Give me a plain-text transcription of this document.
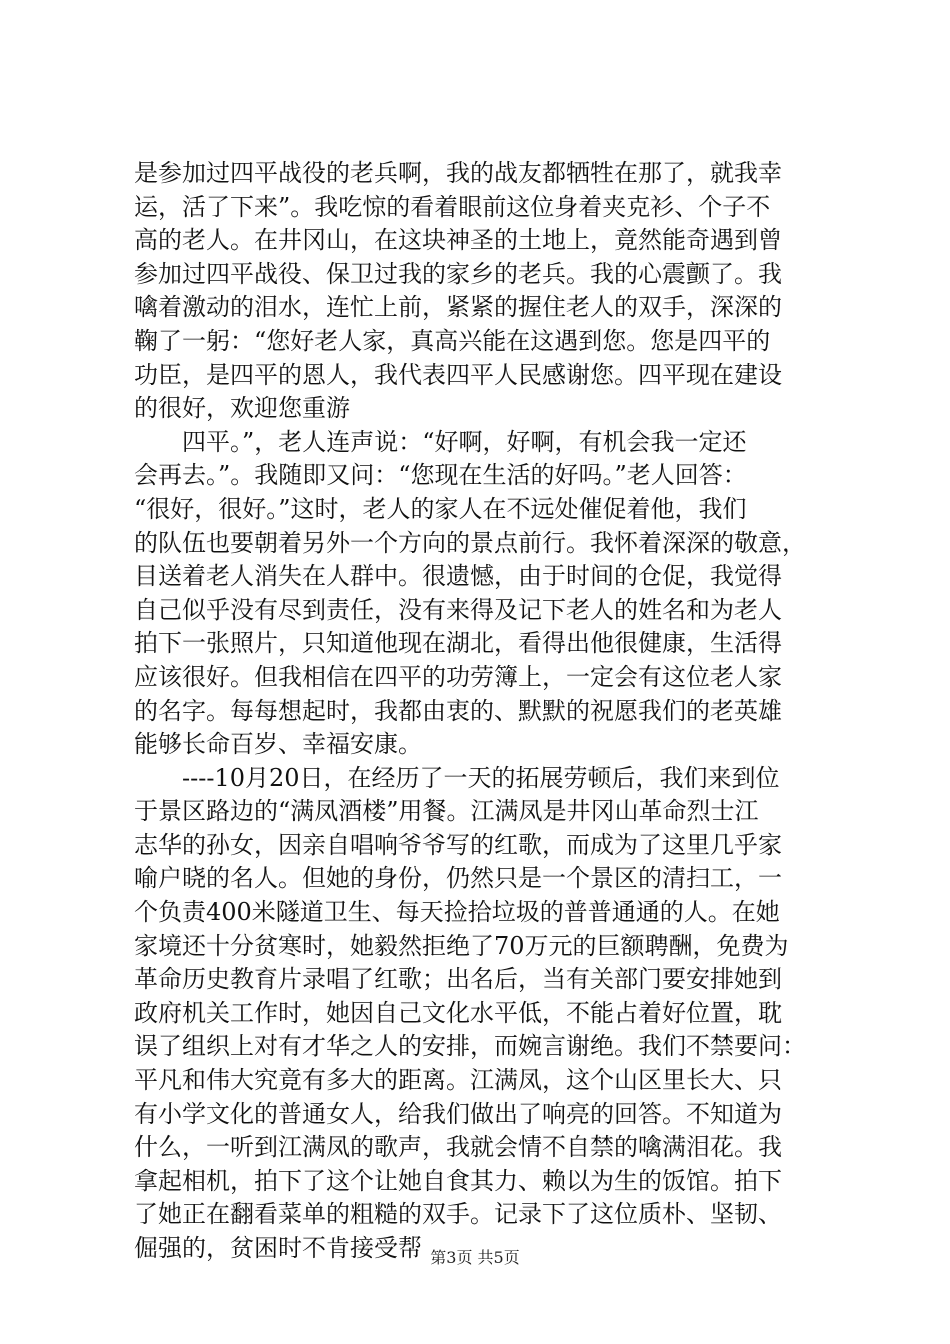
是参加过四平战役的老兵啊，我的战友都牺牲在那了，就我幸
运，活了下来”。我吃惊的看着眼前这位身着夹克衫、个子不
高的老人。在井冈山，在这块神圣的土地上，竟然能奇遇到曾
参加过四平战役、保卫过我的家乡的老兵。我的心震颤了。我
噙着激动的泪水，连忙上前，紧紧的握住老人的双手，深深的
鞠了一躬：“您好老人家，真高兴能在这遇到您。您是四平的
功臣，是四平的恩人，我代表四平人民感谢您。四平现在建设
的很好，欢迎您重游
　　四平。”，老人连声说：“好啊，好啊，有机会我一定还
会再去。”。我随即又问：“您现在生活的好吗。”老人回答：
“很好，很好。”这时，老人的家人在不远处催促着他，我们
的队伍也要朝着另外一个方向的景点前行。我怀着深深的敬意，
目送着老人消失在人群中。很遗憾，由于时间的仓促，我觉得
自己似乎没有尽到责任，没有来得及记下老人的姓名和为老人
拍下一张照片，只知道他现在湖北，看得出他很健康，生活得
应该很好。但我相信在四平的功劳簿上，一定会有这位老人家
的名字。每每想起时，我都由衷的、默默的祝愿我们的老英雄
能够长命百岁、幸福安康。
　　----10月20日，在经历了一天的拓展劳顿后，我们来到位
于景区路边的“满凤酒楼”用餐。江满凤是井冈山革命烈士江
志华的孙女，因亲自唱响爷爷写的红歌，而成为了这里几乎家
喻户晓的名人。但她的身份，仍然只是一个景区的清扫工，一
个负责400米隧道卫生、每天捡拾垃圾的普普通通的人。在她
家境还十分贫寒时，她毅然拒绝了70万元的巨额聘酬，免费为
革命历史教育片录唱了红歌；出名后，当有关部门要安排她到
政府机关工作时，她因自己文化水平低，不能占着好位置，耽
误了组织上对有才华之人的安排，而婉言谢绝。我们不禁要问：
平凡和伟大究竟有多大的距离。江满凤，这个山区里长大、只
有小学文化的普通女人，给我们做出了响亮的回答。不知道为
什么，一听到江满凤的歌声，我就会情不自禁的噙满泪花。我
拿起相机，拍下了这个让她自食其力、赖以为生的饭馆。拍下
了她正在翻看菜单的粗糙的双手。记录下了这位质朴、坚韧、
倔强的，贫困时不肯接受帮 第3页 共5页
